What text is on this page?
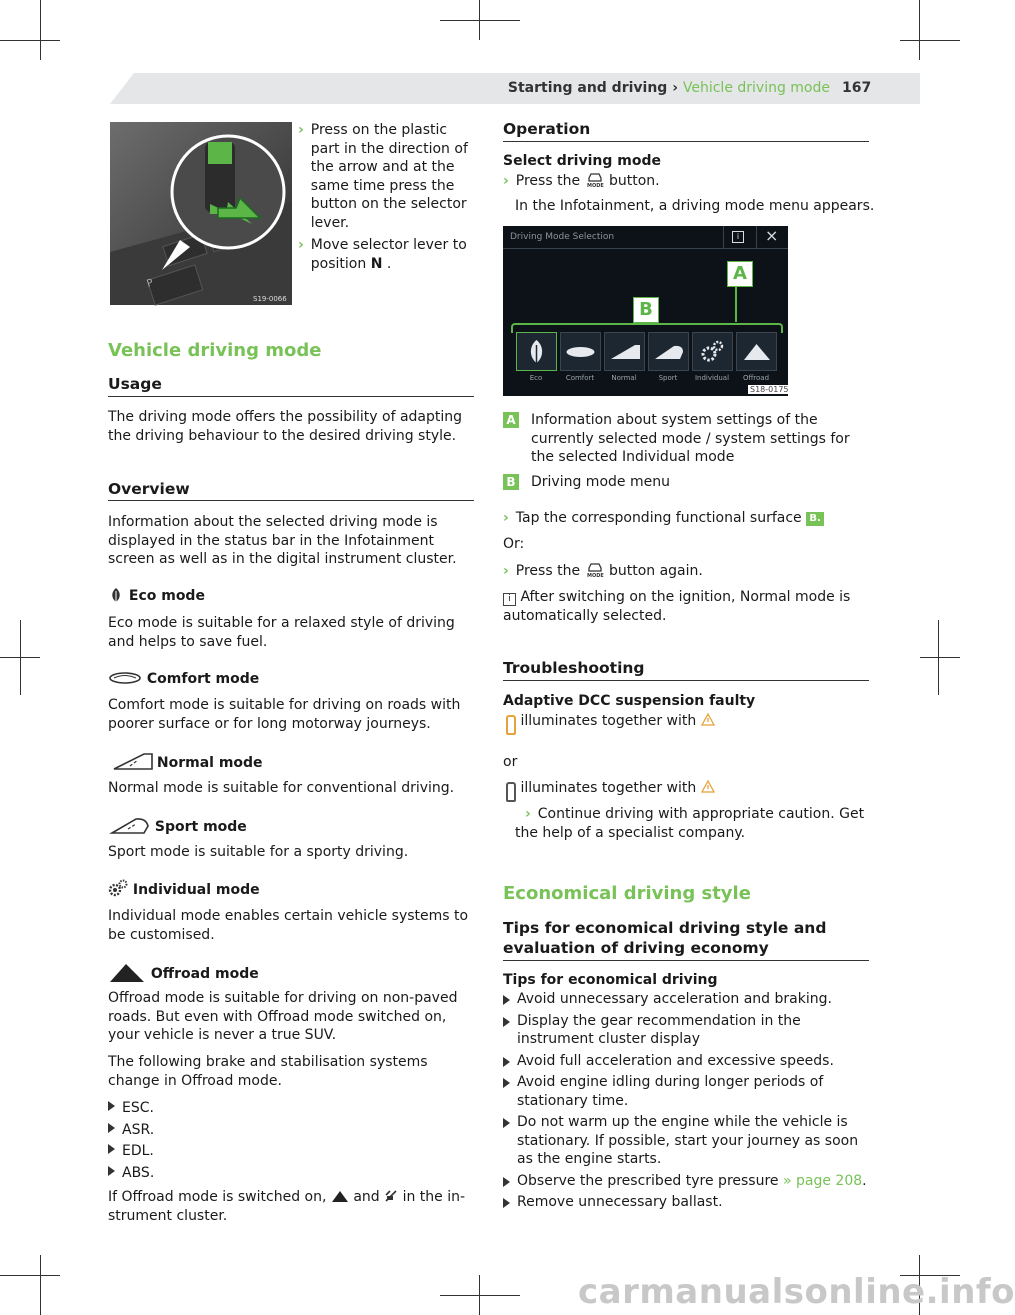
Starting and driving › Vehicle driving mode 167
P
S19-0066
› Press on the plastic part in the direction of the arrow and at the same time press the button on the selector lever.
› Move selector lever to position N .
Vehicle driving mode
Usage
The driving mode offers the possibility of adapting the driving behaviour to the desired driving style.
Overview
Information about the selected driving mode is displayed in the status bar in the Infotainment screen as well as in the digital instrument cluster.
Eco mode
Eco mode is suitable for a relaxed style of driving and helps to save fuel.
Comfort mode
Comfort mode is suitable for driving on roads with poorer surface or for long motorway journeys.
Normal mode
Normal mode is suitable for conventional driving.
Sport mode
Sport mode is suitable for a sporty driving.
Individual mode
Individual mode enables certain vehicle systems to be customised.
Offroad mode
Offroad mode is suitable for driving on non-paved roads. But even with Offroad mode switched on, your vehicle is never a true SUV.
The following brake and stabilisation systems change in Offroad mode.
ESC.
ASR.
EDL.
ABS.
If Offroad mode is switched on, and in the in-
strument cluster.
Operation
Select driving mode
› Press the MODE button.
In the Infotainment, a driving mode menu appears.
Driving Mode Selection	i	×
A
B
Eco	Comfort	Normal	Sport	Individual	Offroad
S18-0175
A Information about system settings of the currently selected mode / system settings for the selected Individual mode
B Driving mode menu
› Tap the corresponding functional surface B.
Or:
› Press the MODE button again.
i After switching on the ignition, Normal mode is automatically selected.
Troubleshooting
Adaptive DCC suspension faulty
illuminates together with
or
illuminates together with
› Continue driving with appropriate caution. Get the help of a specialist company.
Economical driving style
Tips for economical driving style and evaluation of driving economy
Tips for economical driving
Avoid unnecessary acceleration and braking.
Display the gear recommendation in the instrument cluster display
Avoid full acceleration and excessive speeds.
Avoid engine idling during longer periods of stationary time.
Do not warm up the engine while the vehicle is stationary. If possible, start your journey as soon as the engine starts.
Observe the prescribed tyre pressure » page 208.
Remove unnecessary ballast.
carmanualsonline.info
